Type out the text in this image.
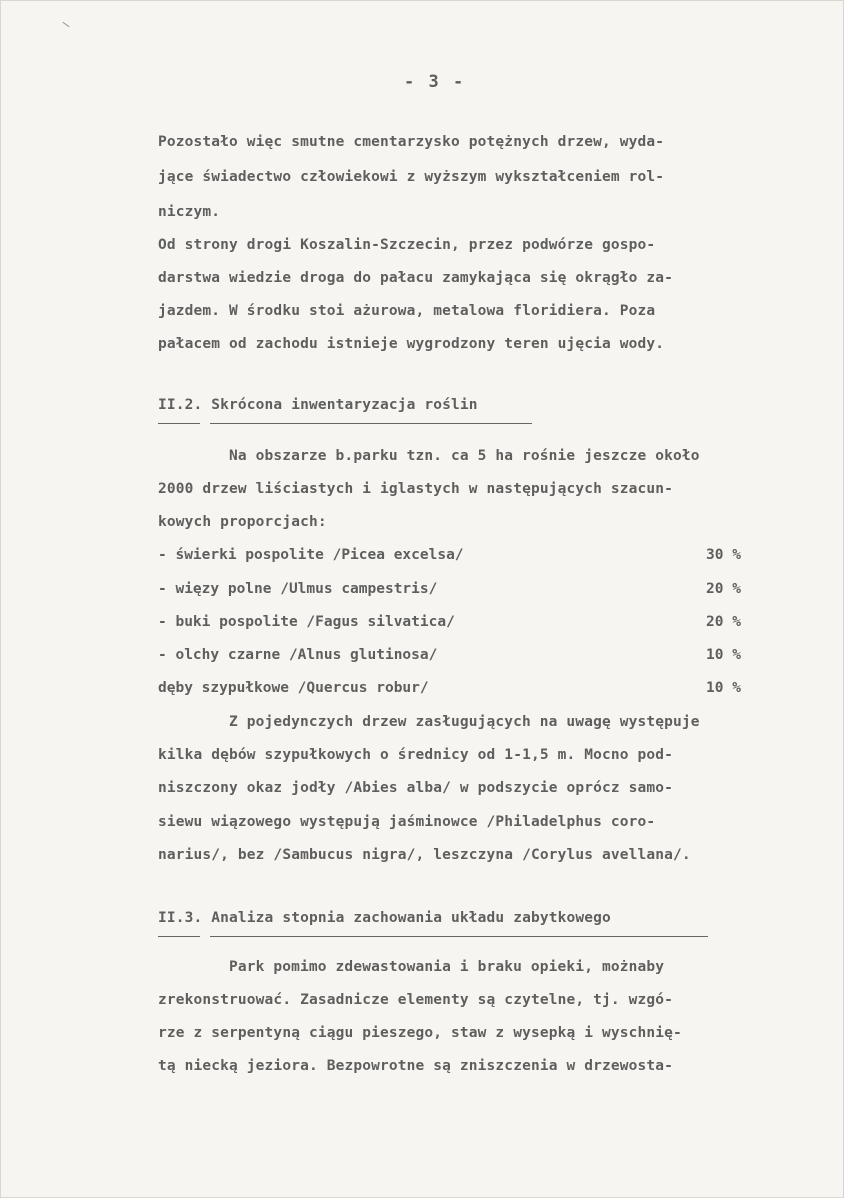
- 3 -
Pozostało więc smutne cmentarzysko potężnych drzew, wyda-
jące świadectwo człowiekowi z wyższym wykształceniem rol-
niczym.
Od strony drogi Koszalin-Szczecin, przez podwórze gospo-
darstwa wiedzie droga do pałacu zamykająca się okrągło za-
jazdem. W środku stoi ażurowa, metalowa floridiera. Poza
pałacem od zachodu istnieje wygrodzony teren ujęcia wody.
II.2. Skrócona inwentaryzacja roślin
Na obszarze b.parku tzn. ca 5 ha rośnie jeszcze około
2000 drzew liściastych i iglastych w następujących szacun-
kowych proporcjach:
- świerki pospolite /Picea excelsa/	30 %
- więzy polne /Ulmus campestris/	20 %
- buki pospolite /Fagus silvatica/	20 %
- olchy czarne /Alnus glutinosa/	10 %
dęby szypułkowe /Quercus robur/	10 %
Z pojedynczych drzew zasługujących na uwagę występuje
kilka dębów szypułkowych o średnicy od 1-1,5 m. Mocno pod-
niszczony okaz jodły /Abies alba/ w podszycie oprócz samo-
siewu wiązowego występują jaśminowce /Philadelphus coro-
narius/, bez /Sambucus nigra/, leszczyna /Corylus avellana/.
II.3. Analiza stopnia zachowania układu zabytkowego
Park pomimo zdewastowania i braku opieki, możnaby
zrekonstruować. Zasadnicze elementy są czytelne, tj. wzgó-
rze z serpentyną ciągu pieszego, staw z wysepką i wyschnię-
tą niecką jeziora. Bezpowrotne są zniszczenia w drzewosta-
